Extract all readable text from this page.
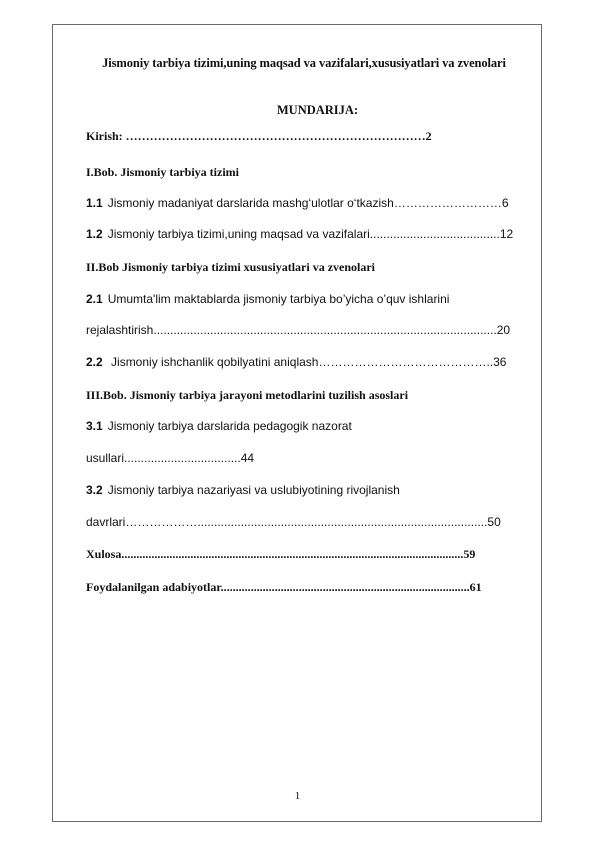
Jismoniy tarbiya tizimi,uning maqsad va vazifalari,xususiyatlari va zvenolari
MUNDARIJA:
Kirish: …………………………………………………………………2
I.Bob. Jismoniy tarbiya tizimi
1.1 Jismoniy madaniyat darslarida mashg‘ulotlar o‘tkazish………………………6
1.2 Jismoniy tarbiya tizimi,uning maqsad va vazifalari.......................................12
II.Bob Jismoniy tarbiya tizimi xususiyatlari va zvenolari
2.1 Umumta'lim maktablarda jismoniy tarbiya bo’yicha o’quv ishlarini
rejalashtirish.......................................................................................................20
2.2 Jismoniy ishchanlik qobilyatini aniqlash……………………………………..36
III.Bob. Jismoniy tarbiya jarayoni metodlarini tuzilish asoslari
3.1 Jismoniy tarbiya darslarida pedagogik nazorat
usullari...................................44
3.2 Jismoniy tarbiya nazariyasi va uslubiyotining rivojlanish
davrlari……………….......................................................................................50
Xulosa..................................................................................................................59
Foydalanilgan adabiyotlar...................................................................................61
1
